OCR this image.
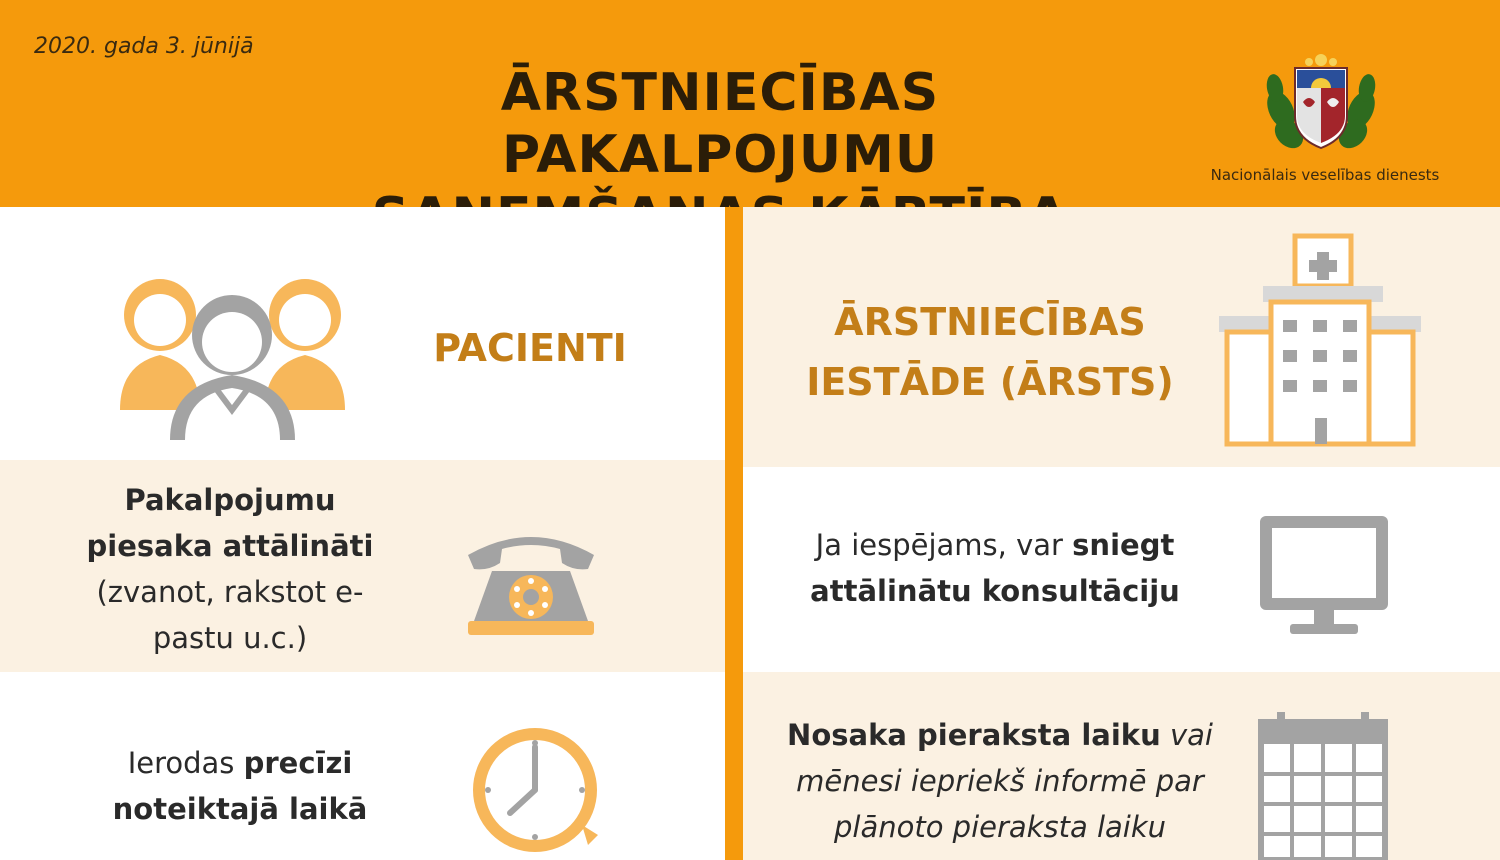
2020. gada 3. jūnijā
ĀRSTNIECĪBAS PAKALPOJUMU	Nacionālais veselības dienests
PACIENTI
Pakalpojumu piesaka attālināti
(zvanot, rakstot e-pastu u.c.)
Ierodas precīzi noteiktajā laikā
ĀRSTNIECĪBAS
IESTĀDE (ĀRSTS)
Ja iespējams, var sniegt attālinātu konsultāciju
Nosaka pieraksta laiku vai mēnesi iepriekš informē par plānoto pieraksta laiku
